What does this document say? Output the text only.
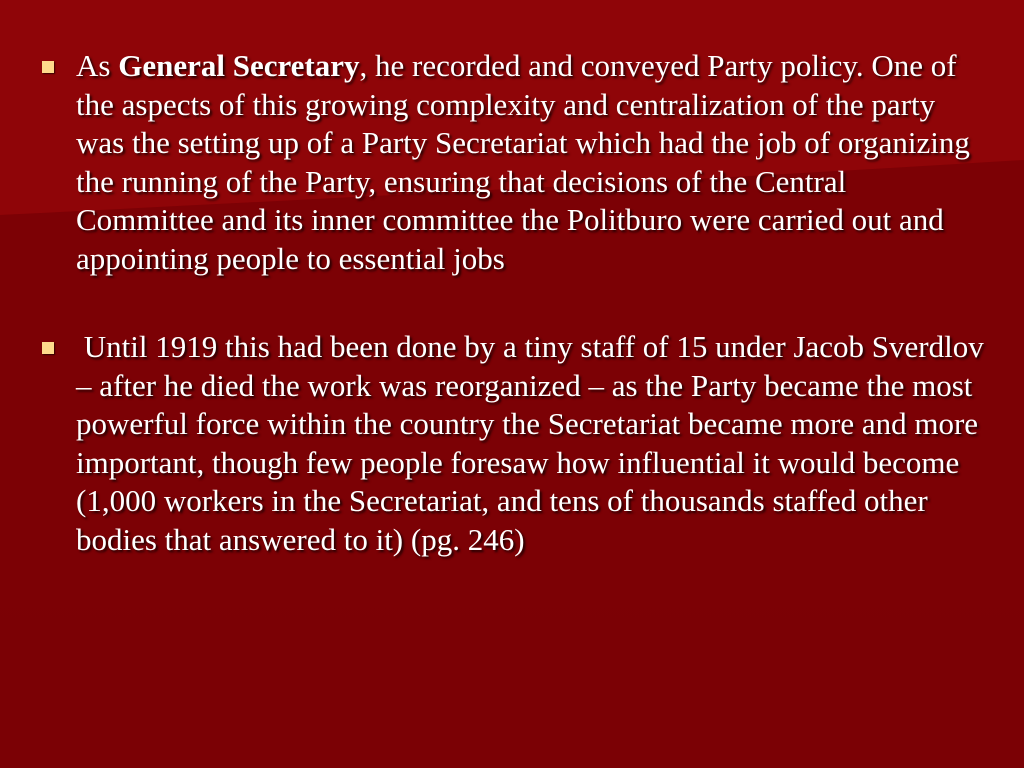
As General Secretary, he recorded and conveyed Party policy. One of the aspects of this growing complexity and centralization of the party was the setting up of a Party Secretariat which had the job of organizing the running of the Party, ensuring that decisions of the Central Committee and its inner committee the Politburo were carried out and appointing people to essential jobs
Until 1919 this had been done by a tiny staff of 15 under Jacob Sverdlov – after he died the work was reorganized – as the Party became the most powerful force within the country the Secretariat became more and more important, though few people foresaw how influential it would become (1,000 workers in the Secretariat, and tens of thousands staffed other bodies that answered to it) (pg. 246)
